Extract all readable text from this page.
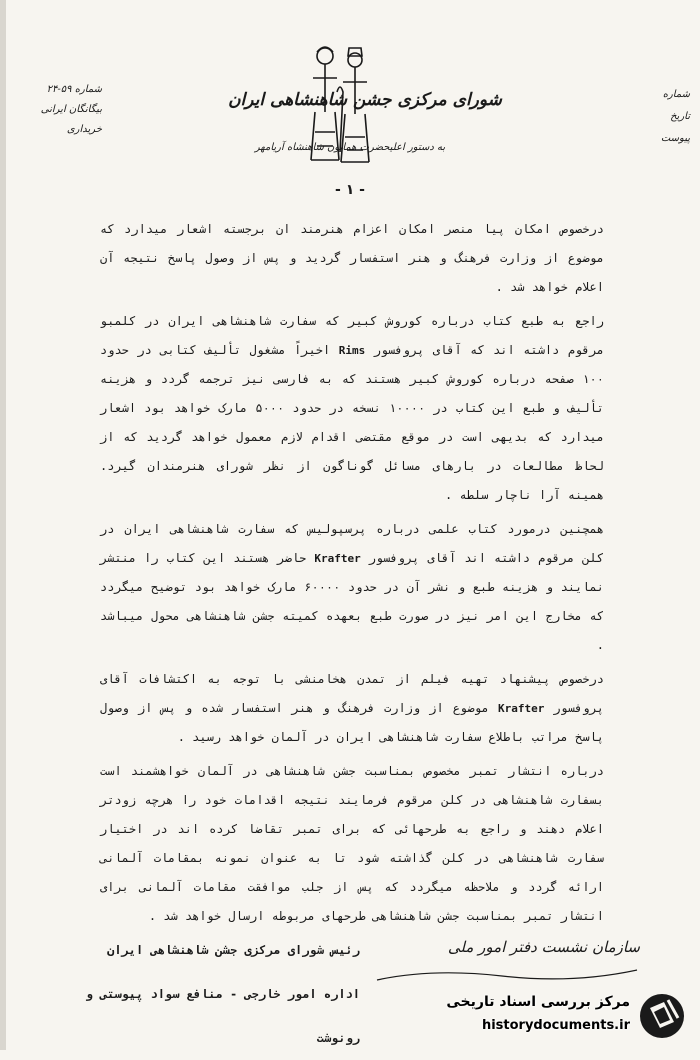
شماره ۵۹-۲۴
بیگانگان ایرانی
خریداری
شماره
تاریخ
پیوست
شورای مرکزی جشن شاهنشاهی ایران
به دستور اعلیحضرت همایون شاهنشاه آریامهر
- ۱ -

درخصوص امکان پیا منصر امکان اعزام هنرمند ان برجسته اشعار میدارد که موضوع از وزارت فرهنگ و هنر استفسار گردید و پس از وصول پاسخ نتیجه آن اعلام خواهد شد .

راجع به طبع کتاب درباره کوروش کبیر که سفارت شاهنشاهی ایران در کلمبو مرقوم داشته اند که آقای پروفسور Rims اخیراً مشغول تألیف کتابی در حدود ۱۰۰ صفحه درباره کوروش کبیر هستند که به فارسی نیز ترجمه گردد و هزینه تألیف و طبع این کتاب در ۱۰۰۰۰ نسخه در حدود ۵۰۰۰ مارک خواهد بود اشعار میدارد که بدیهی است در موقع مقتضی اقدام لازم معمول خواهد گردید که از لحاظ مطالعات در بارهای مسائل گوناگون از نظر شورای هنرمندان گیرد. همینه آرا ناچار سلطه .

همچنین درمورد کتاب علمی درباره پرسپولیس که سفارت شاهنشاهی ایران در کلن مرقوم داشته اند آقای پروفسور Krafter حاضر هستند این کتاب را منتشر نمایند و هزینه طبع و نشر آن در حدود ۶۰۰۰۰ مارک خواهد بود توضیح میگردد که مخارج این امر نیز در صورت طبع بعهده کمیته جشن شاهنشاهی محول میباشد .

درخصوص پیشنهاد تهیه فیلم از تمدن هخامنشی با توجه به اکتشافات آقای پروفسور Krafter موضوع از وزارت فرهنگ و هنر استفسار شده و پس از وصول پاسخ مراتب باطلاع سفارت شاهنشاهی ایران در آلمان خواهد رسید .

درباره انتشار تمبر مخصوص بمناسبت جشن شاهنشاهی در آلمان خواهشمند است بسفارت شاهنشاهی در کلن مرقوم فرمایند نتیجه اقدامات خود را هرچه زودتر اعلام دهند و راجع به طرحهائی که برای تمبر تقاضا کرده اند در اختیار سفارت شاهنشاهی در کلن گذاشته شود تا به عنوان نمونه بمقامات آلمانی ارائه گردد و ملاحظه میگردد که پس از جلب موافقت مقامات آلمانی برای انتشار تمبر بمناسبت جشن شاهنشاهی طرحهای مربوطه ارسال خواهد شد .

سازمان نشست دفتر امور ملی
رئیس شورای مرکزی جشن شاهنشاهی ایران
اداره امور خارجی - منافع سواد پیوستی و رونوشت
مرکز بررسی اسناد تاریخی
historydocuments.ir
